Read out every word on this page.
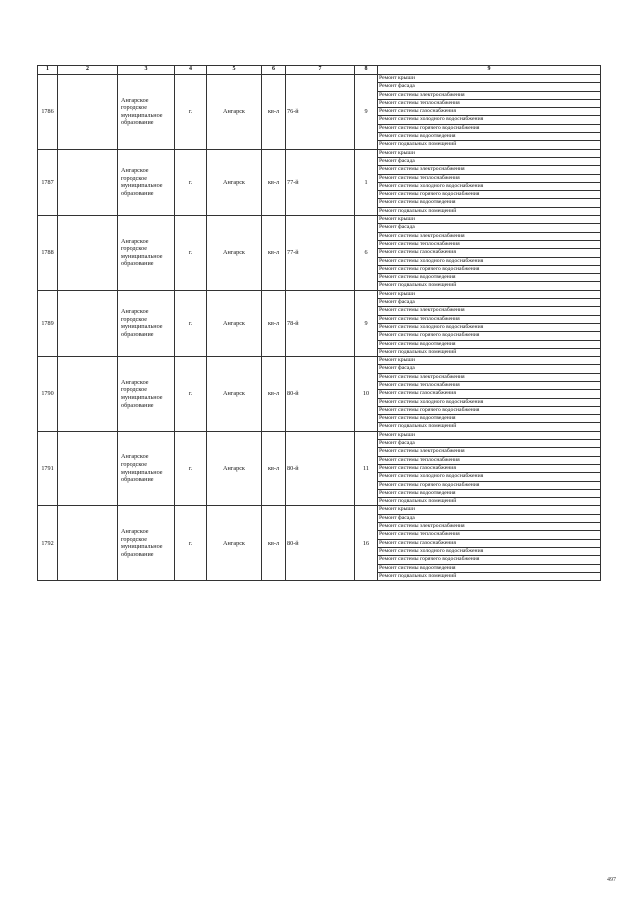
1	2	3	4	5	6	7	8	9
1786		Ангарское городское муниципальное образование	г.	Ангарск	кв-л	76-й	9	Ремонт крыши
								Ремонт фасада
								Ремонт системы электроснабжения
								Ремонт системы теплоснабжения
								Ремонт системы газоснабжения
								Ремонт системы холодного водоснабжения
								Ремонт системы горячего водоснабжения
								Ремонт системы водоотведения
								Ремонт подвальных помещений
1787		Ангарское городское муниципальное образование	г.	Ангарск	кв-л	77-й	1	Ремонт крыши
								Ремонт фасада
								Ремонт системы электроснабжения
								Ремонт системы теплоснабжения
								Ремонт системы холодного водоснабжения
								Ремонт системы горячего водоснабжения
								Ремонт системы водоотведения
								Ремонт подвальных помещений
1788		Ангарское городское муниципальное образование	г.	Ангарск	кв-л	77-й	6	Ремонт крыши
								Ремонт фасада
								Ремонт системы электроснабжения
								Ремонт системы теплоснабжения
								Ремонт системы газоснабжения
								Ремонт системы холодного водоснабжения
								Ремонт системы горячего водоснабжения
								Ремонт системы водоотведения
								Ремонт подвальных помещений
1789		Ангарское городское муниципальное образование	г.	Ангарск	кв-л	78-й	9	Ремонт крыши
								Ремонт фасада
								Ремонт системы электроснабжения
								Ремонт системы теплоснабжения
								Ремонт системы холодного водоснабжения
								Ремонт системы горячего водоснабжения
								Ремонт системы водоотведения
								Ремонт подвальных помещений
1790		Ангарское городское муниципальное образование	г.	Ангарск	кв-л	80-й	10	Ремонт крыши
								Ремонт фасада
								Ремонт системы электроснабжения
								Ремонт системы теплоснабжения
								Ремонт системы газоснабжения
								Ремонт системы холодного водоснабжения
								Ремонт системы горячего водоснабжения
								Ремонт системы водоотведения
								Ремонт подвальных помещений
1791		Ангарское городское муниципальное образование	г.	Ангарск	кв-л	80-й	11	Ремонт крыши
								Ремонт фасада
								Ремонт системы электроснабжения
								Ремонт системы теплоснабжения
								Ремонт системы газоснабжения
								Ремонт системы холодного водоснабжения
								Ремонт системы горячего водоснабжения
								Ремонт системы водоотведения
								Ремонт подвальных помещений
1792		Ангарское городское муниципальное образование	г.	Ангарск	кв-л	80-й	16	Ремонт крыши
								Ремонт фасада
								Ремонт системы электроснабжения
								Ремонт системы теплоснабжения
								Ремонт системы газоснабжения
								Ремонт системы холодного водоснабжения
								Ремонт системы горячего водоснабжения
								Ремонт системы водоотведения
								Ремонт подвальных помещений
497
